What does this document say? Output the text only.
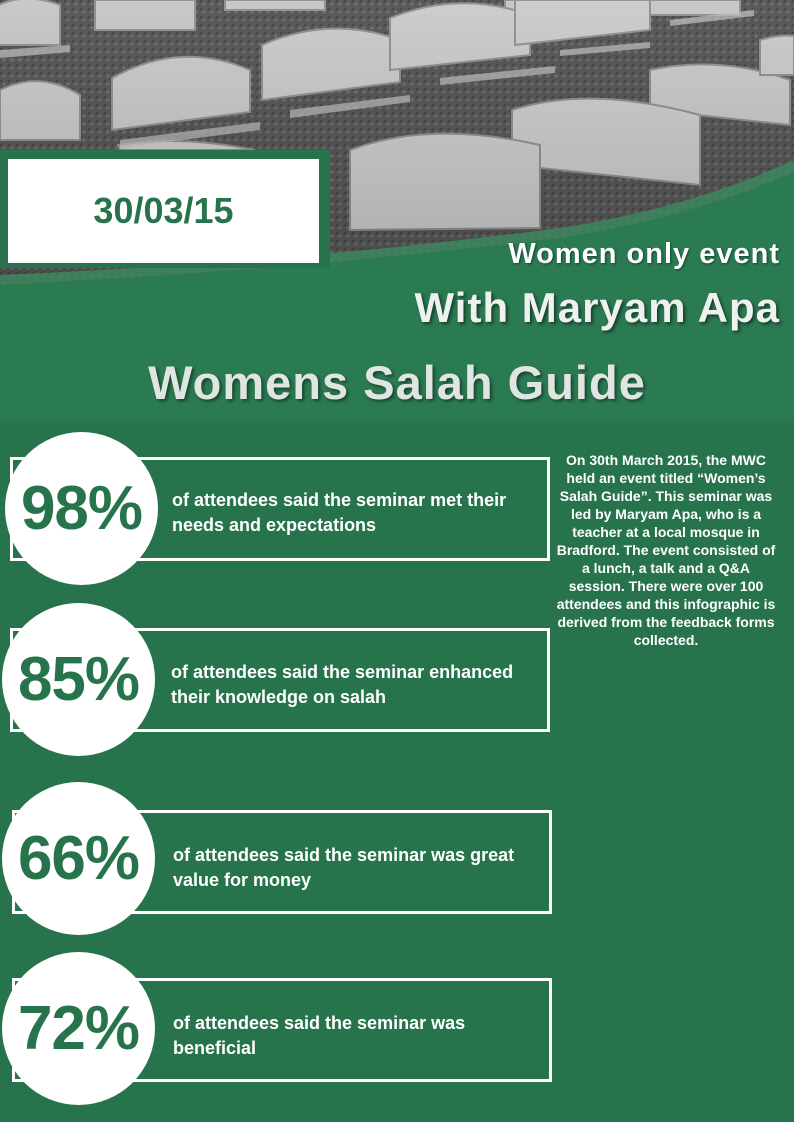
30/03/15
Women only event
With Maryam Apa
Womens Salah Guide
98%	of attendees said the seminar met their needs and expectations
85%	of attendees said the seminar enhanced their knowledge on salah
66%	of attendees said the seminar was great value for money
72%	of attendees said the seminar was beneficial
On 30th March 2015, the MWC held an event titled “Women’s Salah Guide”. This seminar was led by Maryam Apa, who is a teacher at a local mosque in Bradford. The event consisted of a lunch, a talk and a Q&A session. There were over 100 attendees and this infographic is derived from the feedback forms collected.
